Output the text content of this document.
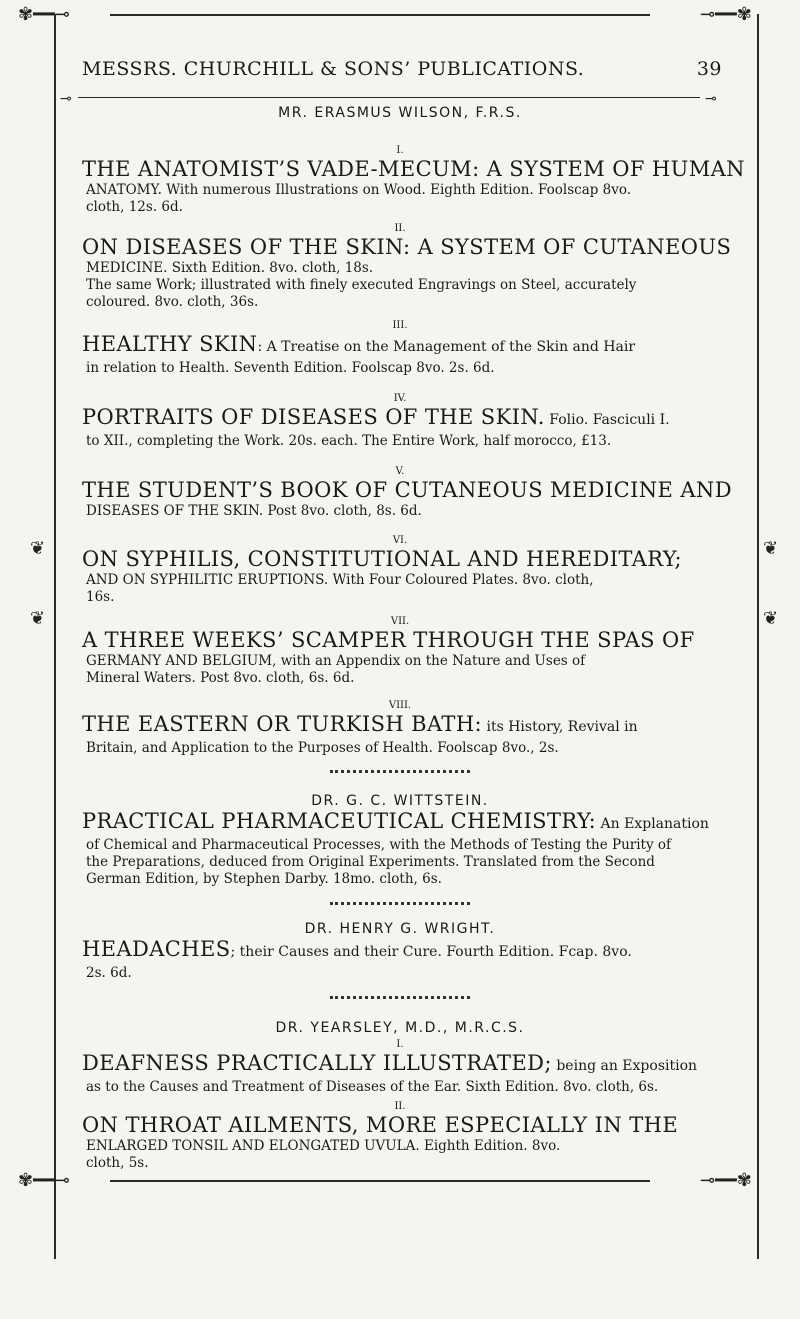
✾━━⊸	⊸━━✾
MESSRS. CHURCHILL & SONS’ PUBLICATIONS.	39
⊸	⊸
❦
❦
❦
❦
MR. ERASMUS WILSON, F.R.S.
I.
THE ANATOMIST’S VADE-MECUM: A SYSTEM OF HUMAN
ANATOMY. With numerous Illustrations on Wood. Eighth Edition. Foolscap 8vo.
cloth, 12s. 6d.
II.
ON DISEASES OF THE SKIN: A SYSTEM OF CUTANEOUS
MEDICINE. Sixth Edition. 8vo. cloth, 18s.
The same Work; illustrated with finely executed Engravings on Steel, accurately
coloured. 8vo. cloth, 36s.
III.
HEALTHY SKIN: A Treatise on the Management of the Skin and Hair
in relation to Health. Seventh Edition. Foolscap 8vo. 2s. 6d.
IV.
PORTRAITS OF DISEASES OF THE SKIN. Folio. Fasciculi I.
to XII., completing the Work. 20s. each. The Entire Work, half morocco, £13.
V.
THE STUDENT’S BOOK OF CUTANEOUS MEDICINE AND
DISEASES OF THE SKIN. Post 8vo. cloth, 8s. 6d.
VI.
ON SYPHILIS, CONSTITUTIONAL AND HEREDITARY;
AND ON SYPHILITIC ERUPTIONS. With Four Coloured Plates. 8vo. cloth,
16s.
VII.
A THREE WEEKS’ SCAMPER THROUGH THE SPAS OF
GERMANY AND BELGIUM, with an Appendix on the Nature and Uses of
Mineral Waters. Post 8vo. cloth, 6s. 6d.
VIII.
THE EASTERN OR TURKISH BATH: its History, Revival in
Britain, and Application to the Purposes of Health. Foolscap 8vo., 2s.
DR. G. C. WITTSTEIN.
PRACTICAL PHARMACEUTICAL CHEMISTRY: An Explanation
of Chemical and Pharmaceutical Processes, with the Methods of Testing the Purity of
the Preparations, deduced from Original Experiments. Translated from the Second
German Edition, by Stephen Darby. 18mo. cloth, 6s.
DR. HENRY G. WRIGHT.
HEADACHES; their Causes and their Cure. Fourth Edition. Fcap. 8vo.
2s. 6d.
DR. YEARSLEY, M.D., M.R.C.S.
I.
DEAFNESS PRACTICALLY ILLUSTRATED; being an Exposition
as to the Causes and Treatment of Diseases of the Ear. Sixth Edition. 8vo. cloth, 6s.
II.
ON THROAT AILMENTS, MORE ESPECIALLY IN THE
ENLARGED TONSIL AND ELONGATED UVULA. Eighth Edition. 8vo.
cloth, 5s.
✾━━⊸	⊸━━✾
